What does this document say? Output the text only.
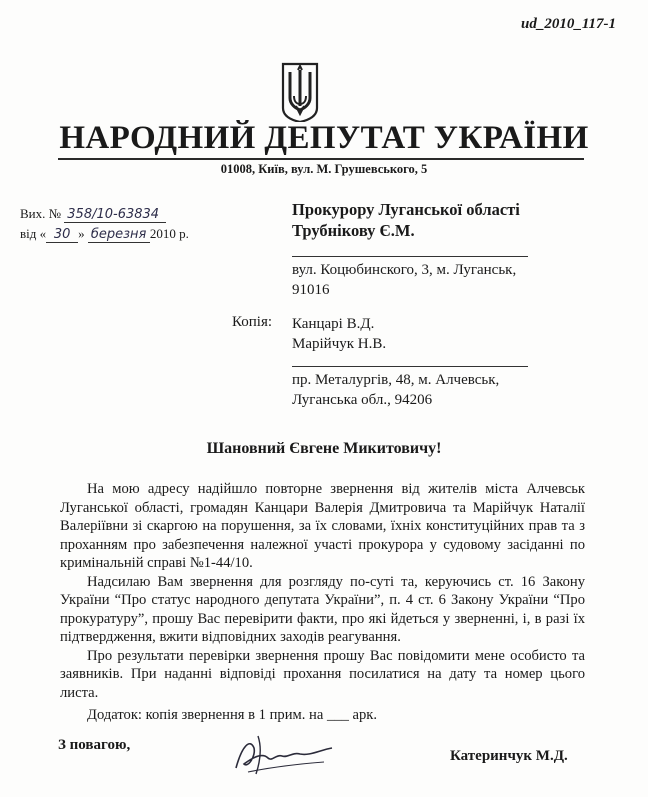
ud_2010_117-1
НАРОДНИЙ ДЕПУТАТ УКРАЇНИ
01008, Київ, вул. М. Грушевського, 5
Вих. № 358/10-63834
від « 30 » березня 2010 р.
Прокурору Луганської області
Трубнікову Є.М.
вул. Коцюбинского, 3, м. Луганськ,
91016
Копія: Канцарі В.Д.
Марійчук Н.В.
пр. Металургів, 48, м. Алчевськ,
Луганська обл., 94206
Шановний Євгене Микитовичу!

На мою адресу надійшло повторне звернення від жителів міста Алчевськ Луганської області, громадян Канцари Валерія Дмитровича та Марійчук Наталії Валеріївни зі скаргою на порушення, за їх словами, їхніх конституційних прав та з проханням про забезпечення належної участі прокурора у судовому засіданні по кримінальній справі №1-44/10.

Надсилаю Вам звернення для розгляду по-суті та, керуючись ст. 16 Закону України “Про статус народного депутата України”, п. 4 ст. 6 Закону України “Про прокуратуру”, прошу Вас перевірити факти, про які йдеться у зверненні, і, в разі їх підтвердження, вжити відповідних заходів реагування.

Про результати перевірки звернення прошу Вас повідомити мене особисто та заявників. При наданні відповіді прохання посилатися на дату та номер цього листа.

Додаток: копія звернення в 1 прим. на ___ арк.

З повагою,
Катеринчук М.Д.
